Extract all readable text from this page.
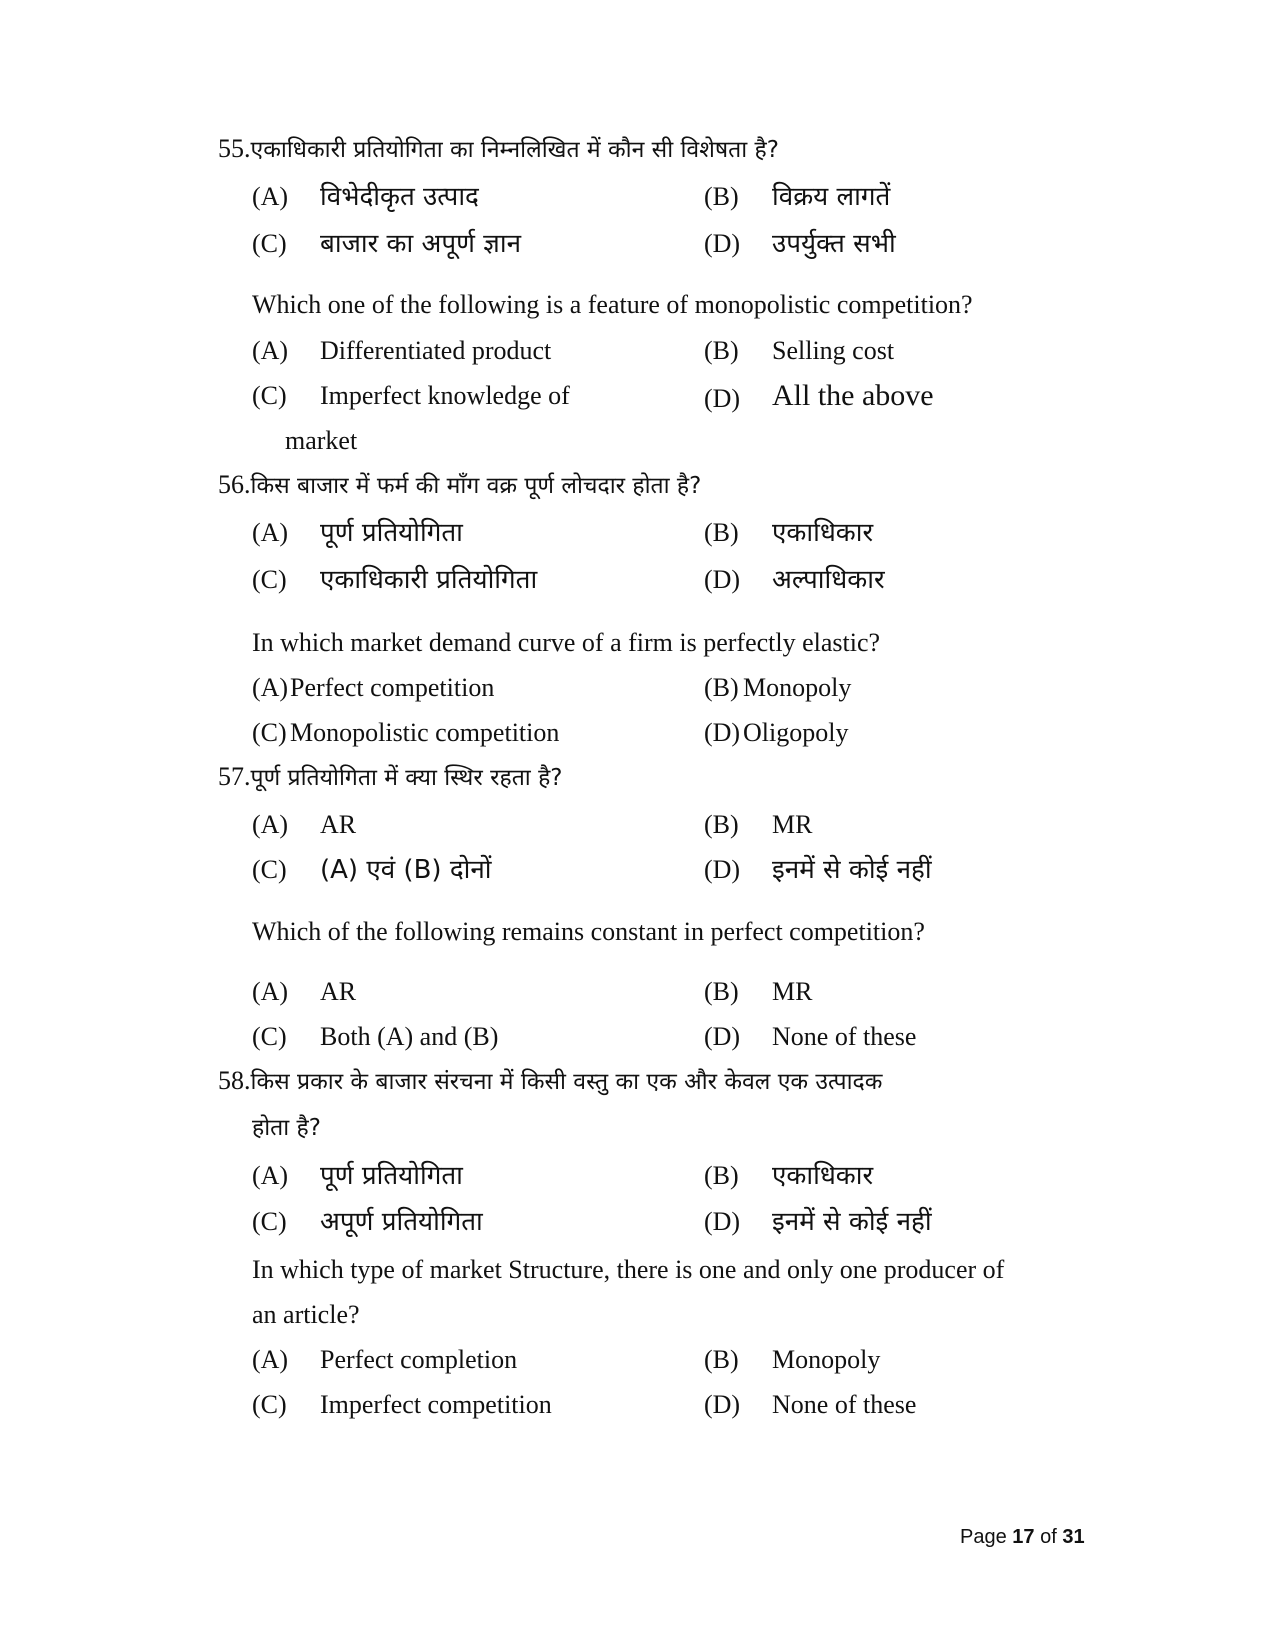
55.एकाधिकारी प्रतियोगिता का निम्नलिखित में कौन सी विशेषता है?
(A) विभेदीकृत उत्पाद	(B) विक्रय लागतें
(C) बाजार का अपूर्ण ज्ञान	(D) उपर्युक्त सभी
Which one of the following is a feature of monopolistic competition?
(A) Differentiated product	(B) Selling cost
(C) Imperfect knowledge of	(D) All the above
market
56.किस बाजार में फर्म की माँग वक्र पूर्ण लोचदार होता है?
(A) पूर्ण प्रतियोगिता	(B) एकाधिकार
(C) एकाधिकारी प्रतियोगिता	(D) अल्पाधिकार
In which market demand curve of a firm is perfectly elastic?
(A) Perfect competition	(B) Monopoly
(C) Monopolistic competition	(D) Oligopoly
57.पूर्ण प्रतियोगिता में क्या स्थिर रहता है?
(A) AR	(B) MR
(C) (A) एवं (B) दोनों	(D) इनमें से कोई नहीं
Which of the following remains constant in perfect competition?
(A) AR	(B) MR
(C) Both (A) and (B)	(D) None of these
58.किस प्रकार के बाजार संरचना में किसी वस्तु का एक और केवल एक उत्पादक
होता है?
(A) पूर्ण प्रतियोगिता	(B) एकाधिकार
(C) अपूर्ण प्रतियोगिता	(D) इनमें से कोई नहीं
In which type of market Structure, there is one and only one producer of
an article?
(A) Perfect completion	(B) Monopoly
(C) Imperfect competition	(D) None of these
Page 17 of 31
